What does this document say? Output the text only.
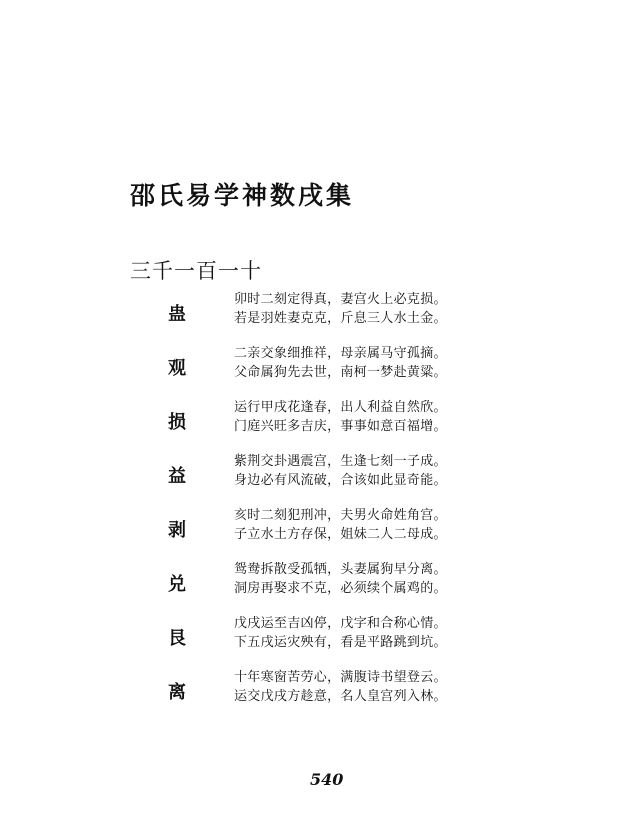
邵氏易学神数戌集
三千一百一十
蛊
卯时二刻定得真，妻宫火上必克损。
若是羽姓妻克克，斤息三人水土金。
观
二亲交象细推祥，母亲属马守孤摘。
父命属狗先去世，南柯一梦赴黄粱。
损
运行甲戌花逢春，出人利益自然欣。
门庭兴旺多吉庆，事事如意百福增。
益
紫荆交卦遇震宫，生逢七刻一子成。
身边必有风流破，合该如此显奇能。
剥
亥时二刻犯刑冲，夫男火命姓角宫。
子立水土方存保，姐妹二人二母成。
兑
鸳鸯拆散受孤牺，头妻属狗早分离。
洞房再娶求不克，必须续个属鸡的。
艮
戊戌运至吉凶停，戊字和合称心情。
下五戌运灾殃有，看是平路跳到坑。
离
十年寒窗苦劳心，满腹诗书望登云。
运交戊戌方趁意，名人皇宫列入林。
540
